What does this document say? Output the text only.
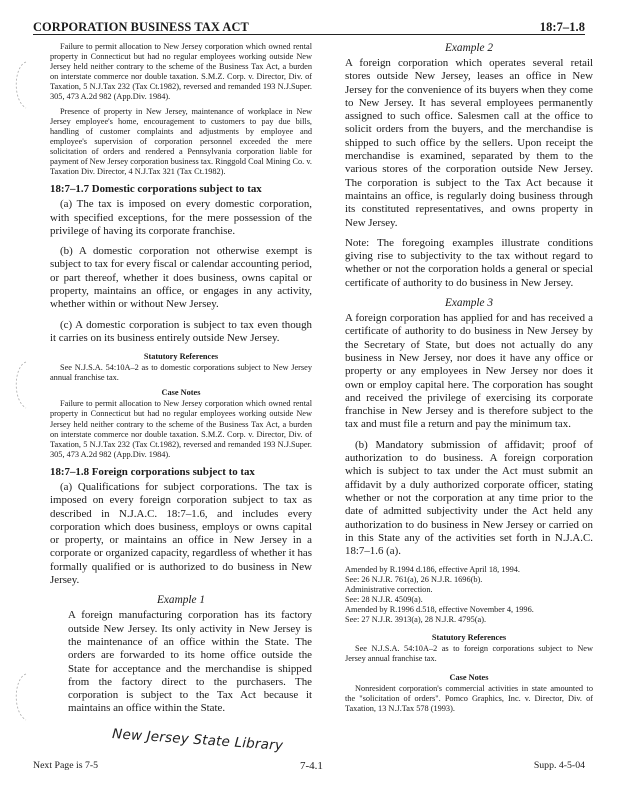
CORPORATION BUSINESS TAX ACT	18:7–1.8

Failure to permit allocation to New Jersey corporation which owned rental property in Connecticut but had no regular employees working outside New Jersey held neither contrary to the scheme of the Business Tax Act, a burden on interstate commerce nor double taxation. S.M.Z. Corp. v. Director, Div. of Taxation, 5 N.J.Tax 232 (Tax Ct.1982), reversed and remanded 193 N.J.Super. 305, 473 A.2d 982 (App.Div. 1984).

Presence of property in New Jersey, maintenance of workplace in New Jersey employee's home, encouragement to customers to pay due bills, handling of customer complaints and adjustments by employee and employee's supervision of corporation personnel exceeded the mere solicitation of orders and rendered a Pennsylvania corporation liable for payment of New Jersey corporation business tax. Ringgold Coal Mining Co. v. Taxation Div. Director, 4 N.J.Tax 321 (Tax Ct.1982).

18:7–1.7 Domestic corporations subject to tax

(a) The tax is imposed on every domestic corporation, with specified exceptions, for the mere possession of the privilege of having its corporate franchise.

(b) A domestic corporation not otherwise exempt is subject to tax for every fiscal or calendar accounting period, or part thereof, whether it does business, owns capital or property, maintains an office, or engages in any activity, whether within or without New Jersey.

(c) A domestic corporation is subject to tax even though it carries on its business entirely outside New Jersey.

Statutory References

See N.J.S.A. 54:10A–2 as to domestic corporations subject to New Jersey annual franchise tax.

Case Notes

Failure to permit allocation to New Jersey corporation which owned rental property in Connecticut but had no regular employees working outside New Jersey held neither contrary to the scheme of the Business Tax Act, a burden on interstate commerce nor double taxation. S.M.Z. Corp. v. Director, Div. of Taxation, 5 N.J.Tax 232 (Tax Ct.1982), reversed and remanded 193 N.J.Super. 305, 473 A.2d 982 (App.Div. 1984).

18:7–1.8 Foreign corporations subject to tax

(a) Qualifications for subject corporations. The tax is imposed on every foreign corporation subject to tax as described in N.J.A.C. 18:7–1.6, and includes every corporation which does business, employs or owns capital or property, or maintains an office in New Jersey in a corporate or organized capacity, regardless of whether it has formally qualified or is authorized to do business in New Jersey.

Example 1

A foreign manufacturing corporation has its factory outside New Jersey. Its only activity in New Jersey is the maintenance of an office within the State. The orders are forwarded to its home office outside the State for acceptance and the merchandise is shipped from the factory direct to the purchasers. The corporation is subject to the Tax Act because it maintains an office within the State.

Example 2

A foreign corporation which operates several retail stores outside New Jersey, leases an office in New Jersey for the convenience of its buyers when they come to New Jersey. It has several employees permanently assigned to such office. Salesmen call at the office to solicit orders from the buyers, and the merchandise is shipped to such office by the sellers. Upon receipt the merchandise is examined, separated by them to the various stores of the corporation outside New Jersey. The corporation is subject to the Tax Act because it maintains an office, is regularly doing business through its constituted representatives, and owns property in New Jersey.

Note: The foregoing examples illustrate conditions giving rise to subjectivity to the tax without regard to whether or not the corporation holds a general or special certificate of authority to do business in New Jersey.

Example 3

A foreign corporation has applied for and has received a certificate of authority to do business in New Jersey by the Secretary of State, but does not actually do any business in New Jersey, nor does it have any office or property or any employees in New Jersey nor does it own or employ capital here. The corporation has sought and received the privilege of exercising its corporate franchise in New Jersey and is therefore subject to the tax and must file a return and pay the minimum tax.

(b) Mandatory submission of affidavit; proof of authorization to do business. A foreign corporation which is subject to tax under the Act must submit an affidavit by a duly authorized corporate officer, stating whether or not the corporation at any time prior to the date of admitted subjectivity under the Act held any authorization to do business in New Jersey or carried on in this State any of the activities set forth in N.J.A.C. 18:7–1.6 (a).

Amended by R.1994 d.186, effective April 18, 1994.
See: 26 N.J.R. 761(a), 26 N.J.R. 1696(b).
Administrative correction.
See: 28 N.J.R. 4509(a).
Amended by R.1996 d.518, effective November 4, 1996.
See: 27 N.J.R. 3913(a), 28 N.J.R. 4795(a).
Statutory References

See N.J.S.A. 54:10A–2 as to foreign corporations subject to New Jersey annual franchise tax.

Case Notes

Nonresident corporation's commercial activities in state amounted to the "solicitation of orders". Pomco Graphics, Inc. v. Director, Div. of Taxation, 13 N.J.Tax 578 (1993).

New Jersey State Library
Next Page is 7-5	7-4.1	Supp. 4-5-04
